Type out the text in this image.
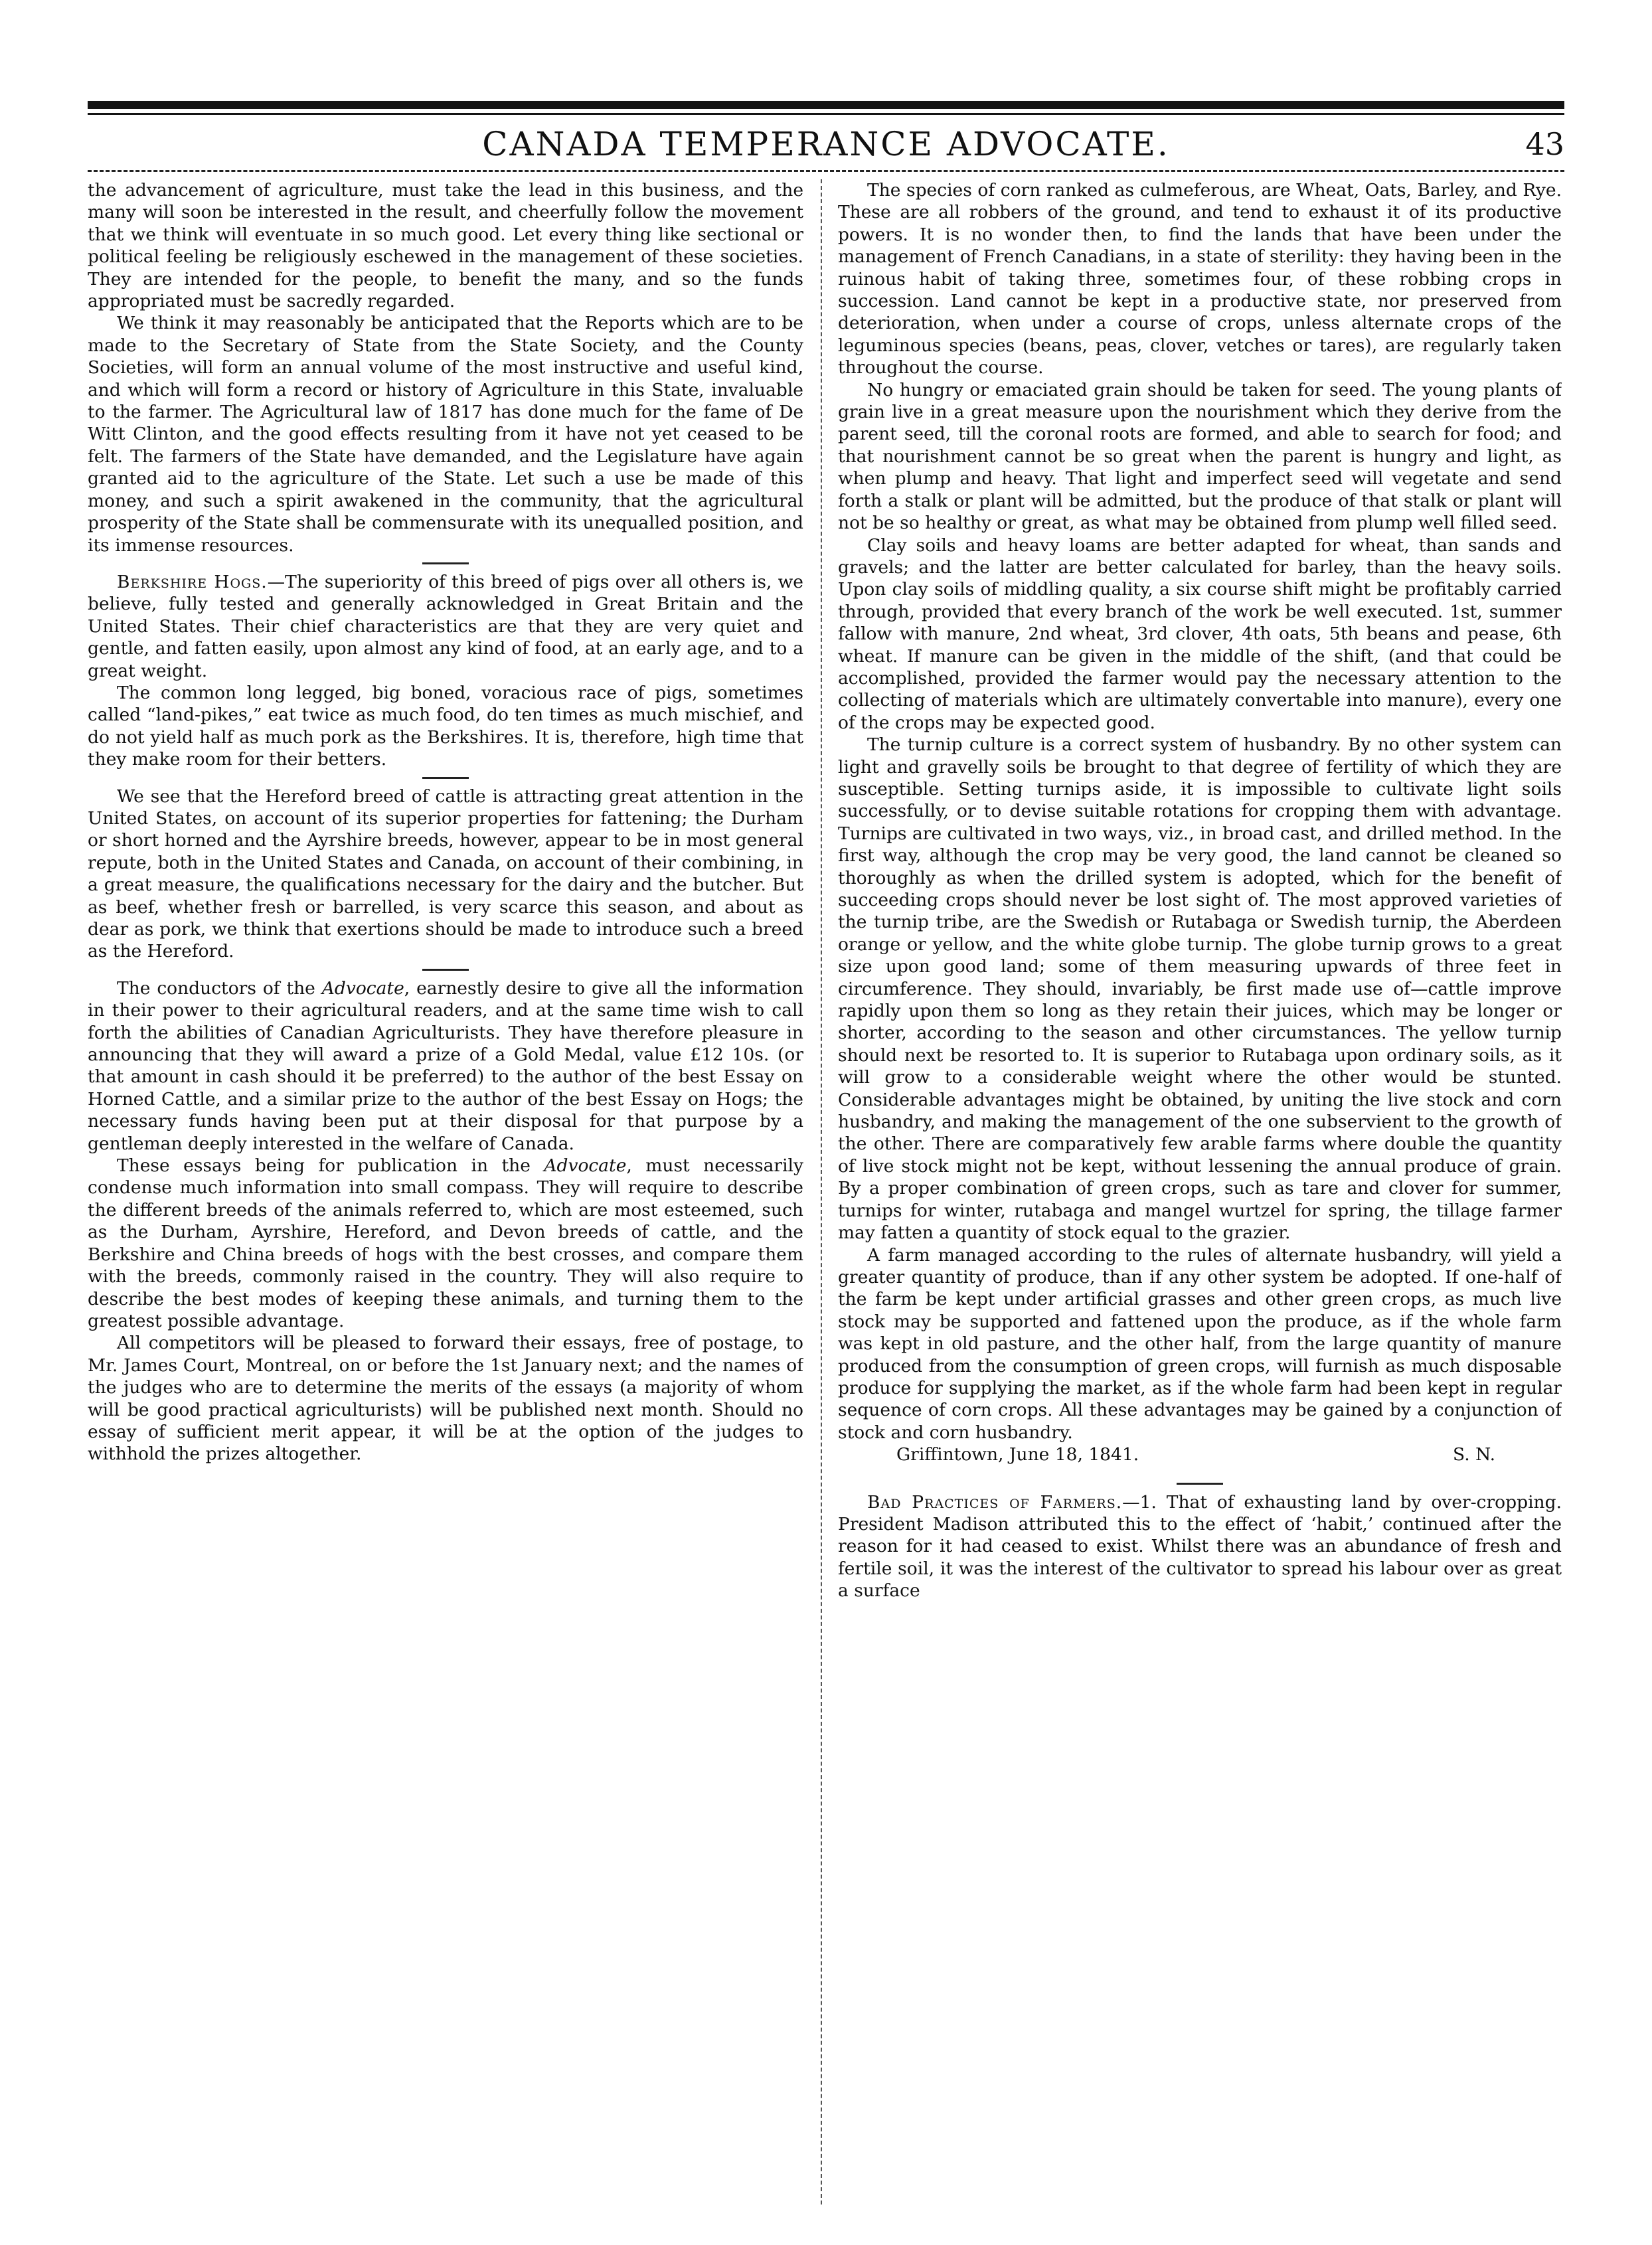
CANADA TEMPERANCE ADVOCATE.	43

the advancement of agriculture, must take the lead in this business, and the many will soon be interested in the result, and cheerfully follow the movement that we think will eventuate in so much good. Let every thing like sectional or political feeling be religiously eschewed in the management of these societies. They are intended for the people, to benefit the many, and so the funds appropriated must be sacredly regarded.

We think it may reasonably be anticipated that the Reports which are to be made to the Secretary of State from the State Society, and the County Societies, will form an annual volume of the most instructive and useful kind, and which will form a record or history of Agriculture in this State, invaluable to the farmer. The Agricultural law of 1817 has done much for the fame of De Witt Clinton, and the good effects resulting from it have not yet ceased to be felt. The farmers of the State have demanded, and the Legislature have again granted aid to the agriculture of the State. Let such a use be made of this money, and such a spirit awakened in the community, that the agricultural prosperity of the State shall be commensurate with its unequalled position, and its immense resources.

Berkshire Hogs.—The superiority of this breed of pigs over all others is, we believe, fully tested and generally acknowledged in Great Britain and the United States. Their chief characteristics are that they are very quiet and gentle, and fatten easily, upon almost any kind of food, at an early age, and to a great weight.

The common long legged, big boned, voracious race of pigs, sometimes called “land-pikes,” eat twice as much food, do ten times as much mischief, and do not yield half as much pork as the Berkshires. It is, therefore, high time that they make room for their betters.

We see that the Hereford breed of cattle is attracting great attention in the United States, on account of its superior properties for fattening; the Durham or short horned and the Ayrshire breeds, however, appear to be in most general repute, both in the United States and Canada, on account of their combining, in a great measure, the qualifications necessary for the dairy and the butcher. But as beef, whether fresh or barrelled, is very scarce this season, and about as dear as pork, we think that exertions should be made to introduce such a breed as the Hereford.

The conductors of the Advocate, earnestly desire to give all the information in their power to their agricultural readers, and at the same time wish to call forth the abilities of Canadian Agriculturists. They have therefore pleasure in announcing that they will award a prize of a Gold Medal, value £12 10s. (or that amount in cash should it be preferred) to the author of the best Essay on Horned Cattle, and a similar prize to the author of the best Essay on Hogs; the necessary funds having been put at their disposal for that purpose by a gentleman deeply interested in the welfare of Canada.

These essays being for publication in the Advocate, must necessarily condense much information into small compass. They will require to describe the different breeds of the animals referred to, which are most esteemed, such as the Durham, Ayrshire, Hereford, and Devon breeds of cattle, and the Berkshire and China breeds of hogs with the best crosses, and compare them with the breeds, commonly raised in the country. They will also require to describe the best modes of keeping these animals, and turning them to the greatest possible advantage.

All competitors will be pleased to forward their essays, free of postage, to Mr. James Court, Montreal, on or before the 1st January next; and the names of the judges who are to determine the merits of the essays (a majority of whom will be good practical agriculturists) will be published next month. Should no essay of sufficient merit appear, it will be at the option of the judges to withhold the prizes altogether.

The species of corn ranked as culmeferous, are Wheat, Oats, Barley, and Rye. These are all robbers of the ground, and tend to exhaust it of its productive powers. It is no wonder then, to find the lands that have been under the management of French Canadians, in a state of sterility: they having been in the ruinous habit of taking three, sometimes four, of these robbing crops in succession. Land cannot be kept in a productive state, nor preserved from deterioration, when under a course of crops, unless alternate crops of the leguminous species (beans, peas, clover, vetches or tares), are regularly taken throughout the course.

No hungry or emaciated grain should be taken for seed. The young plants of grain live in a great measure upon the nourishment which they derive from the parent seed, till the coronal roots are formed, and able to search for food; and that nourishment cannot be so great when the parent is hungry and light, as when plump and heavy. That light and imperfect seed will vegetate and send forth a stalk or plant will be admitted, but the produce of that stalk or plant will not be so healthy or great, as what may be obtained from plump well filled seed.

Clay soils and heavy loams are better adapted for wheat, than sands and gravels; and the latter are better calculated for barley, than the heavy soils. Upon clay soils of middling quality, a six course shift might be profitably carried through, provided that every branch of the work be well executed. 1st, summer fallow with manure, 2nd wheat, 3rd clover, 4th oats, 5th beans and pease, 6th wheat. If manure can be given in the middle of the shift, (and that could be accomplished, provided the farmer would pay the necessary attention to the collecting of materials which are ultimately convertable into manure), every one of the crops may be expected good.

The turnip culture is a correct system of husbandry. By no other system can light and gravelly soils be brought to that degree of fertility of which they are susceptible. Setting turnips aside, it is impossible to cultivate light soils successfully, or to devise suitable rotations for cropping them with advantage. Turnips are cultivated in two ways, viz., in broad cast, and drilled method. In the first way, although the crop may be very good, the land cannot be cleaned so thoroughly as when the drilled system is adopted, which for the benefit of succeeding crops should never be lost sight of. The most approved varieties of the turnip tribe, are the Swedish or Rutabaga or Swedish turnip, the Aberdeen orange or yellow, and the white globe turnip. The globe turnip grows to a great size upon good land; some of them measuring upwards of three feet in circumference. They should, invariably, be first made use of—cattle improve rapidly upon them so long as they retain their juices, which may be longer or shorter, according to the season and other circumstances. The yellow turnip should next be resorted to. It is superior to Rutabaga upon ordinary soils, as it will grow to a considerable weight where the other would be stunted. Considerable advantages might be obtained, by uniting the live stock and corn husbandry, and making the management of the one subservient to the growth of the other. There are comparatively few arable farms where double the quantity of live stock might not be kept, without lessening the annual produce of grain. By a proper combination of green crops, such as tare and clover for summer, turnips for winter, rutabaga and mangel wurtzel for spring, the tillage farmer may fatten a quantity of stock equal to the grazier.

A farm managed according to the rules of alternate husbandry, will yield a greater quantity of produce, than if any other system be adopted. If one-half of the farm be kept under artificial grasses and other green crops, as much live stock may be supported and fattened upon the produce, as if the whole farm was kept in old pasture, and the other half, from the large quantity of manure produced from the consumption of green crops, will furnish as much disposable produce for supplying the market, as if the whole farm had been kept in regular sequence of corn crops. All these advantages may be gained by a conjunction of stock and corn husbandry.

Griffintown, June 18, 1841.	S. N.

Bad Practices of Farmers.—1. That of exhausting land by over-cropping. President Madison attributed this to the effect of ‘habit,’ continued after the reason for it had ceased to exist. Whilst there was an abundance of fresh and fertile soil, it was the interest of the cultivator to spread his labour over as great a surface
